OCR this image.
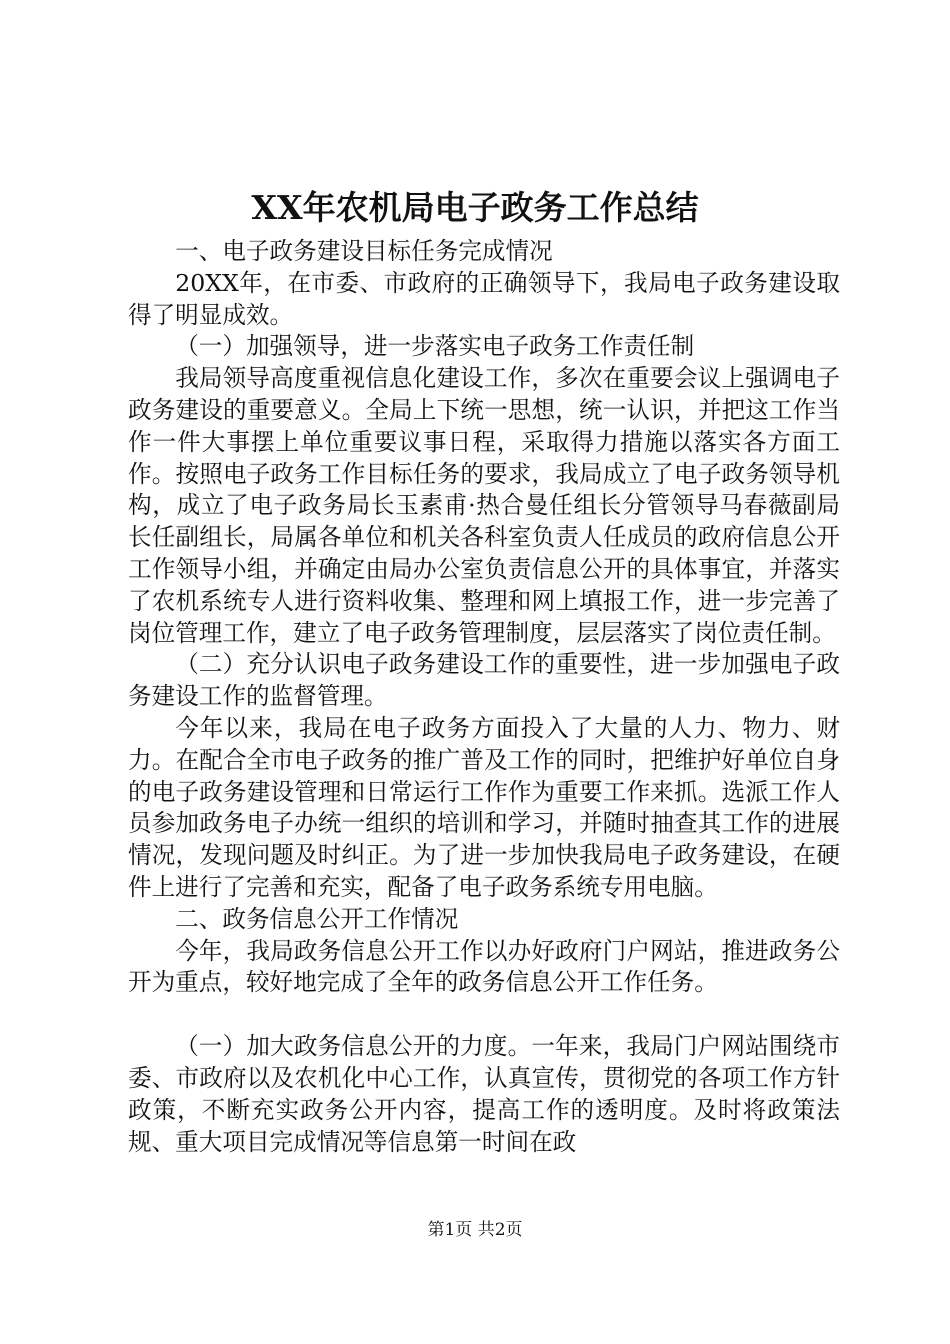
XX年农机局电子政务工作总结

一、电子政务建设目标任务完成情况

20XX年，在市委、市政府的正确领导下，我局电子政务建设取得了明显成效。

（一）加强领导，进一步落实电子政务工作责任制

我局领导高度重视信息化建设工作，多次在重要会议上强调电子政务建设的重要意义。全局上下统一思想，统一认识，并把这工作当作一件大事摆上单位重要议事日程，采取得力措施以落实各方面工作。按照电子政务工作目标任务的要求，我局成立了电子政务领导机构，成立了电子政务局长玉素甫·热合曼任组长分管领导马春薇副局长任副组长，局属各单位和机关各科室负责人任成员的政府信息公开工作领导小组，并确定由局办公室负责信息公开的具体事宜，并落实了农机系统专人进行资料收集、整理和网上填报工作，进一步完善了岗位管理工作，建立了电子政务管理制度，层层落实了岗位责任制。

（二）充分认识电子政务建设工作的重要性，进一步加强电子政务建设工作的监督管理。

今年以来，我局在电子政务方面投入了大量的人力、物力、财力。在配合全市电子政务的推广普及工作的同时，把维护好单位自身的电子政务建设管理和日常运行工作作为重要工作来抓。选派工作人员参加政务电子办统一组织的培训和学习，并随时抽查其工作的进展情况，发现问题及时纠正。为了进一步加快我局电子政务建设，在硬件上进行了完善和充实，配备了电子政务系统专用电脑。

二、政务信息公开工作情况

今年，我局政务信息公开工作以办好政府门户网站，推进政务公开为重点，较好地完成了全年的政务信息公开工作任务。

（一）加大政务信息公开的力度。一年来，我局门户网站围绕市委、市政府以及农机化中心工作，认真宣传，贯彻党的各项工作方针政策，不断充实政务公开内容，提高工作的透明度。及时将政策法规、重大项目完成情况等信息第一时间在政

第1页 共2页
